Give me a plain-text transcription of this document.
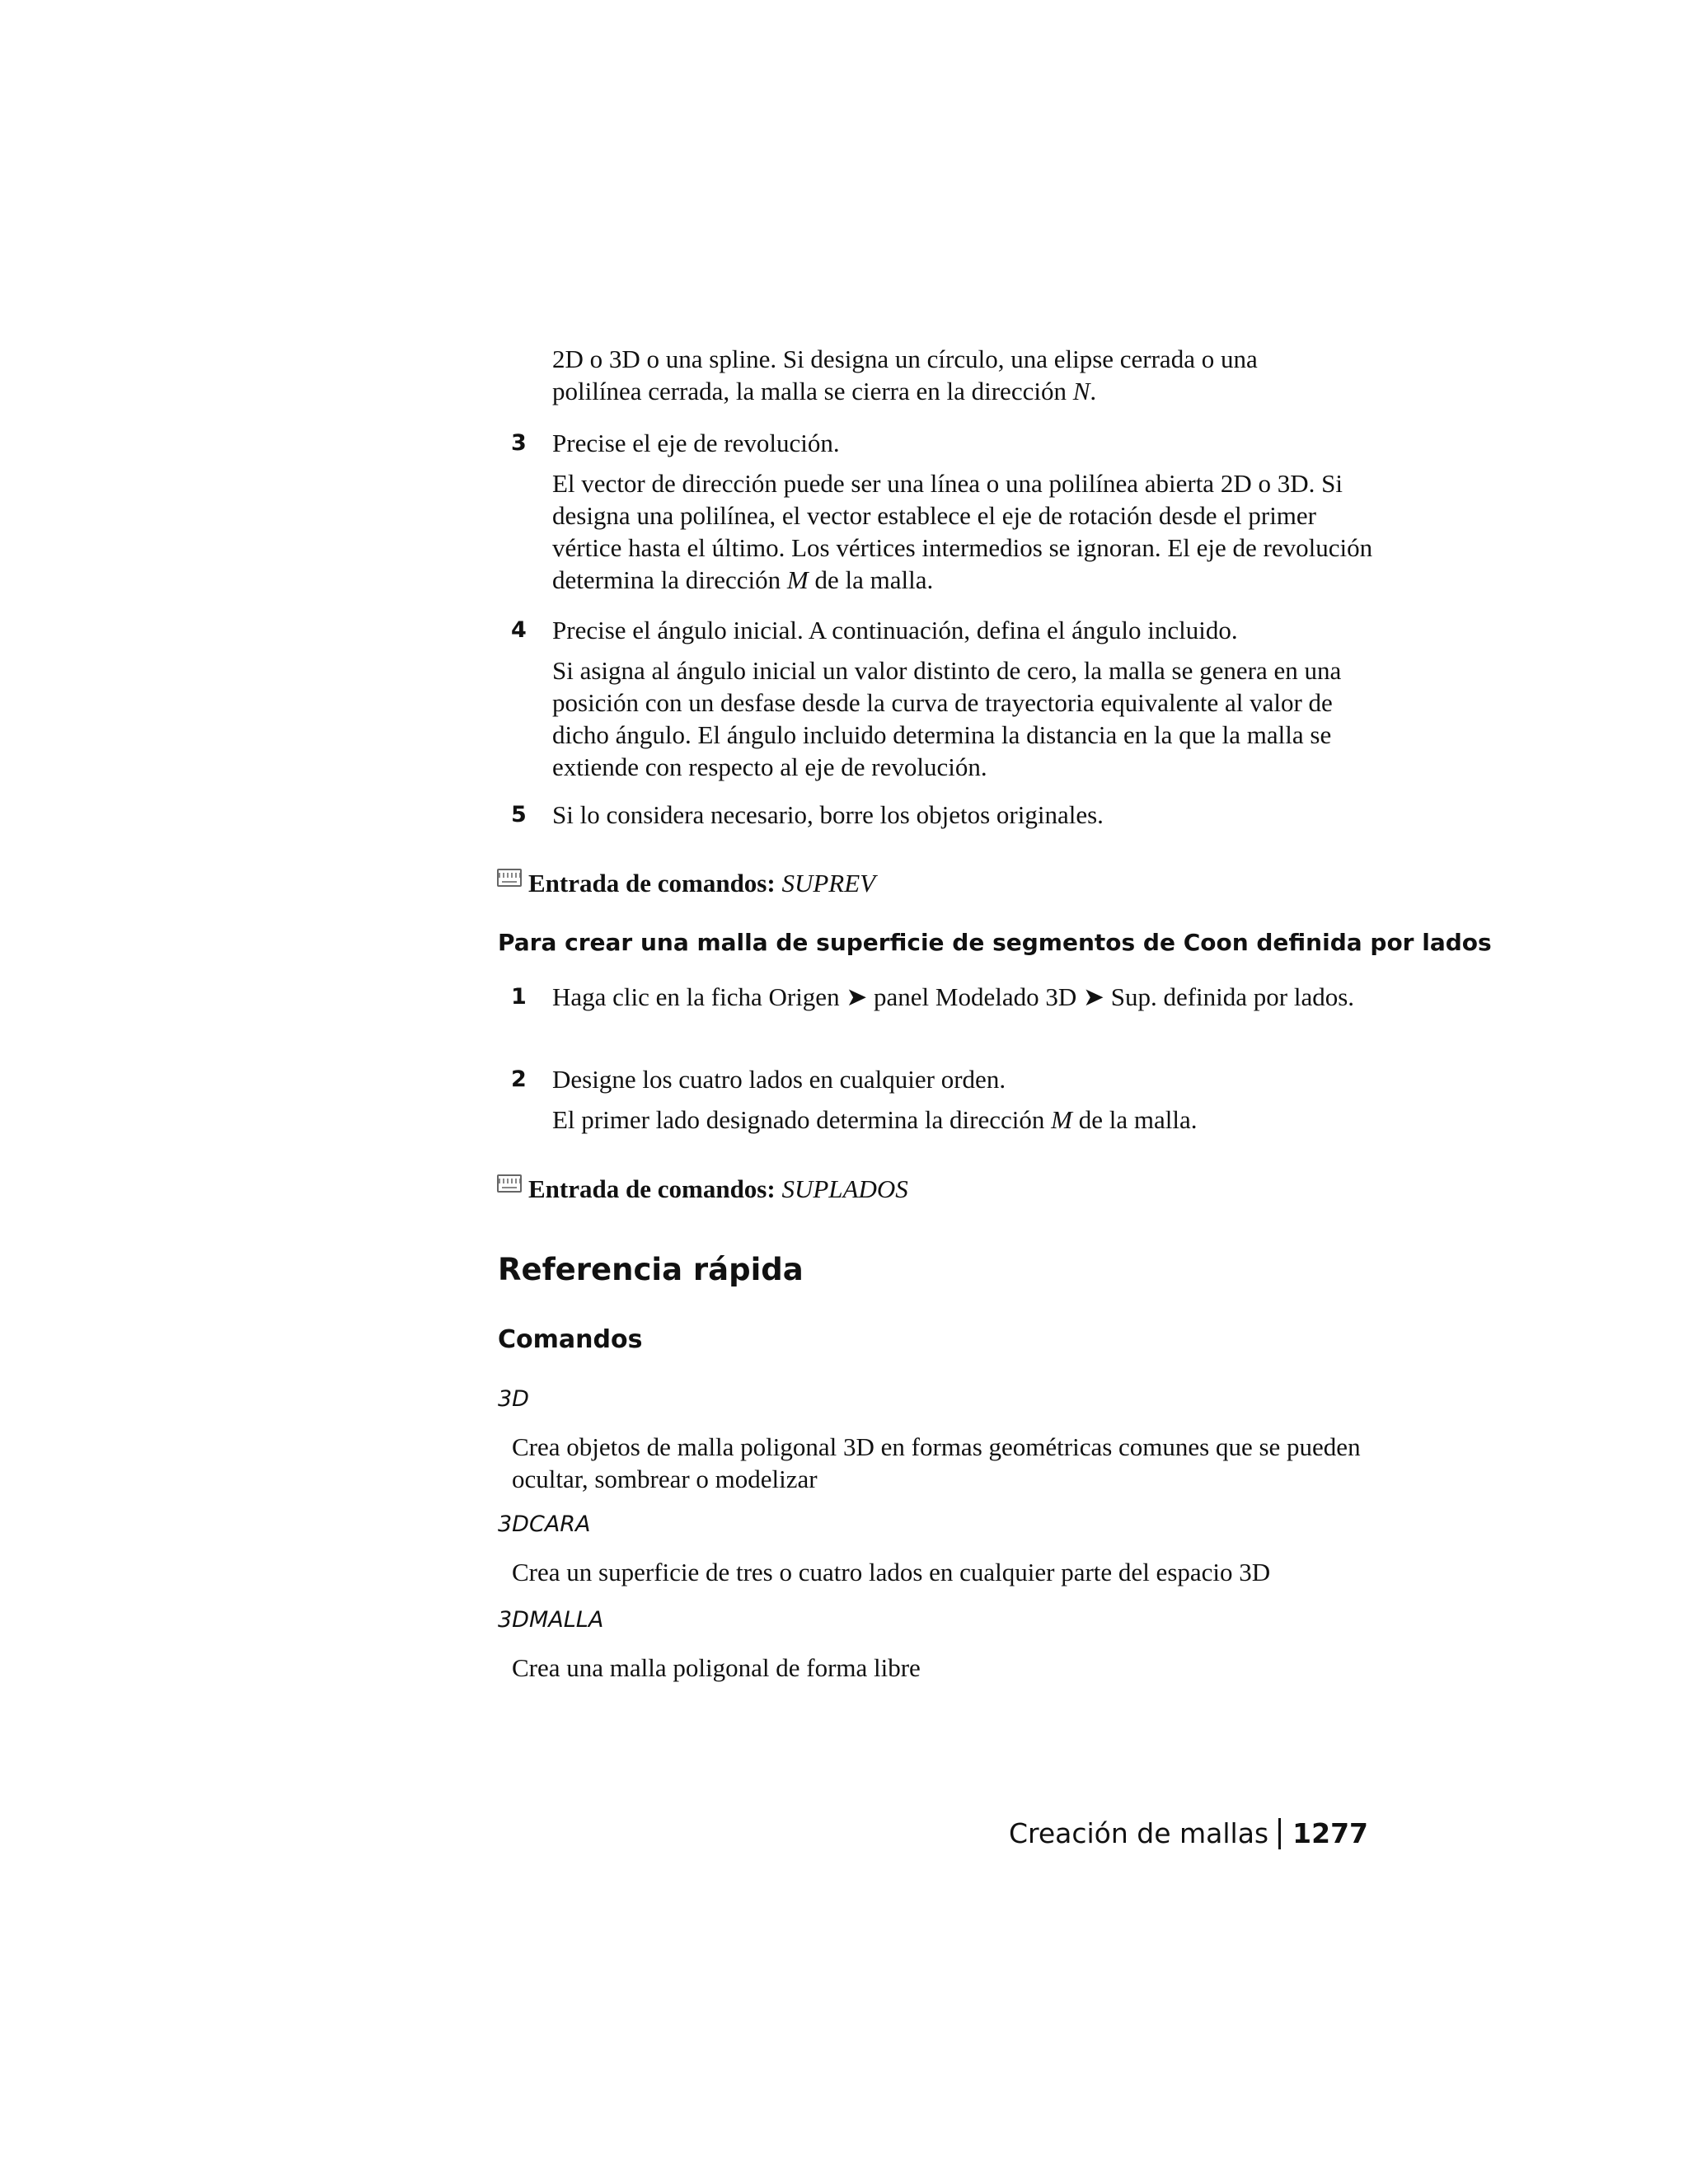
2D o 3D o una spline. Si designa un círculo, una elipse cerrada o una
polilínea cerrada, la malla se cierra en la dirección N.

3	Precise el eje de revolución.
El vector de dirección puede ser una línea o una polilínea abierta 2D o 3D. Si designa una polilínea, el vector establece el eje de rotación desde el primer vértice hasta el último. Los vértices intermedios se ignoran. El eje de revolución determina la dirección M de la malla.
4	Precise el ángulo inicial. A continuación, defina el ángulo incluido.
Si asigna al ángulo inicial un valor distinto de cero, la malla se genera en una posición con un desfase desde la curva de trayectoria equivalente al valor de dicho ángulo. El ángulo incluido determina la distancia en la que la malla se extiende con respecto al eje de revolución.
5	Si lo considera necesario, borre los objetos originales.
Entrada de comandos: SUPREV
Para crear una malla de superficie de segmentos de Coon definida por lados
1	Haga clic en la ficha Origen ➤ panel Modelado 3D ➤ Sup. definida por lados.
2	Designe los cuatro lados en cualquier orden.
El primer lado designado determina la dirección M de la malla.
Entrada de comandos: SUPLADOS
Referencia rápida
Comandos
3D
Crea objetos de malla poligonal 3D en formas geométricas comunes que se pueden ocultar, sombrear o modelizar
3DCARA
Crea un superficie de tres o cuatro lados en cualquier parte del espacio 3D
3DMALLA
Crea una malla poligonal de forma libre
Creación de mallas 1277
